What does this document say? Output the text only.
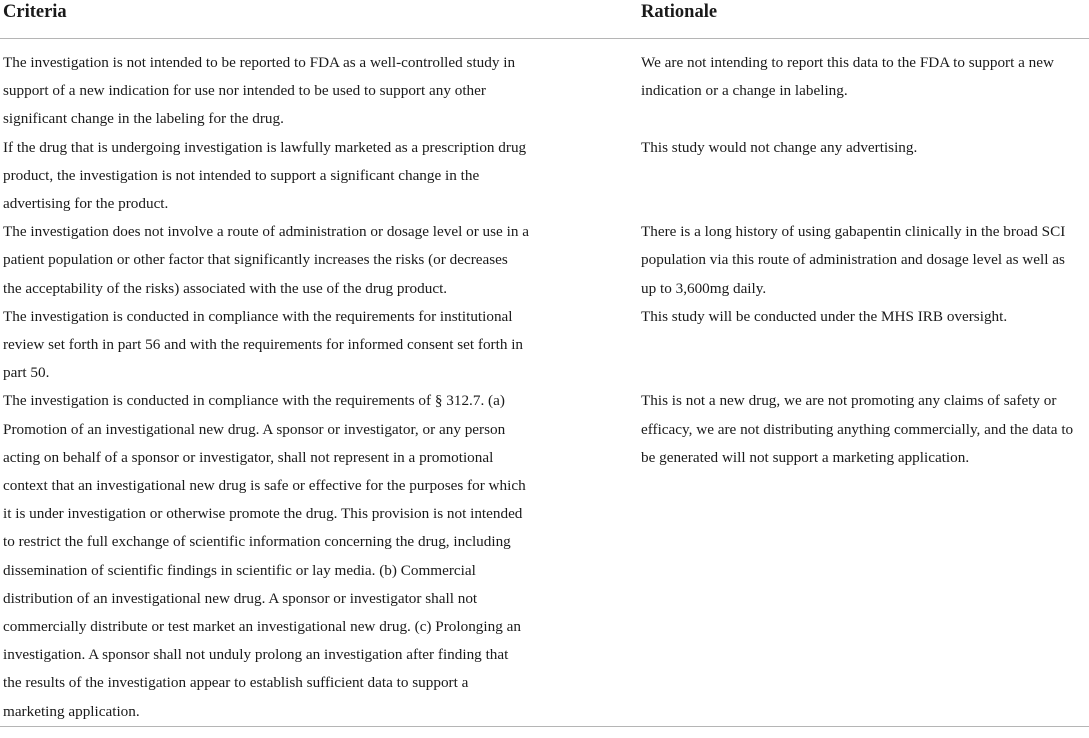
Criteria	Rationale
The investigation is not intended to be reported to FDA as a well-controlled study in
support of a new indication for use nor intended to be used to support any other
significant change in the labeling for the drug.
We are not intending to report this data to the FDA to support a new
indication or a change in labeling.
If the drug that is undergoing investigation is lawfully marketed as a prescription drug
product, the investigation is not intended to support a significant change in the
advertising for the product.
This study would not change any advertising.
The investigation does not involve a route of administration or dosage level or use in a
patient population or other factor that significantly increases the risks (or decreases
the acceptability of the risks) associated with the use of the drug product.
There is a long history of using gabapentin clinically in the broad SCI
population via this route of administration and dosage level as well as
up to 3,600mg daily.
The investigation is conducted in compliance with the requirements for institutional
review set forth in part 56 and with the requirements for informed consent set forth in
part 50.
This study will be conducted under the MHS IRB oversight.
The investigation is conducted in compliance with the requirements of § 312.7. (a)
Promotion of an investigational new drug. A sponsor or investigator, or any person
acting on behalf of a sponsor or investigator, shall not represent in a promotional
context that an investigational new drug is safe or effective for the purposes for which
it is under investigation or otherwise promote the drug. This provision is not intended
to restrict the full exchange of scientific information concerning the drug, including
dissemination of scientific findings in scientific or lay media. (b) Commercial
distribution of an investigational new drug. A sponsor or investigator shall not
commercially distribute or test market an investigational new drug. (c) Prolonging an
investigation. A sponsor shall not unduly prolong an investigation after finding that
the results of the investigation appear to establish sufficient data to support a
marketing application.
This is not a new drug, we are not promoting any claims of safety or
efficacy, we are not distributing anything commercially, and the data to
be generated will not support a marketing application.
